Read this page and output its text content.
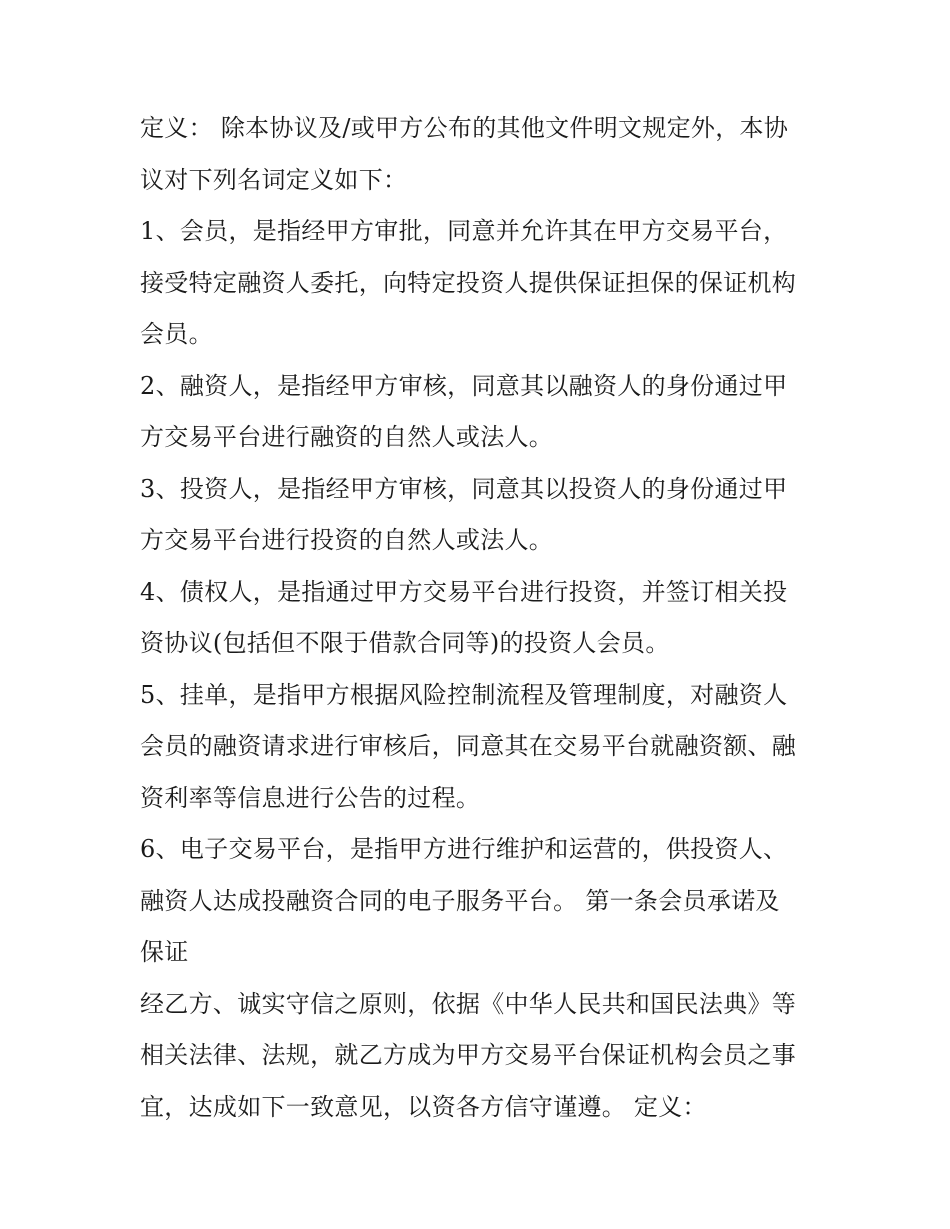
定义： 除本协议及/或甲方公布的其他文件明文规定外，本协
议对下列名词定义如下：
1、会员，是指经甲方审批，同意并允许其在甲方交易平台，
接受特定融资人委托，向特定投资人提供保证担保的保证机构
会员。
2、融资人，是指经甲方审核，同意其以融资人的身份通过甲
方交易平台进行融资的自然人或法人。
3、投资人，是指经甲方审核，同意其以投资人的身份通过甲
方交易平台进行投资的自然人或法人。
4、债权人，是指通过甲方交易平台进行投资，并签订相关投
资协议(包括但不限于借款合同等)的投资人会员。
5、挂单，是指甲方根据风险控制流程及管理制度，对融资人
会员的融资请求进行审核后，同意其在交易平台就融资额、融
资利率等信息进行公告的过程。
6、电子交易平台，是指甲方进行维护和运营的，供投资人、
融资人达成投融资合同的电子服务平台。 第一条会员承诺及
保证
经乙方、诚实守信之原则，依据《中华人民共和国民法典》等
相关法律、法规，就乙方成为甲方交易平台保证机构会员之事
宜，达成如下一致意见，以资各方信守谨遵。 定义：
